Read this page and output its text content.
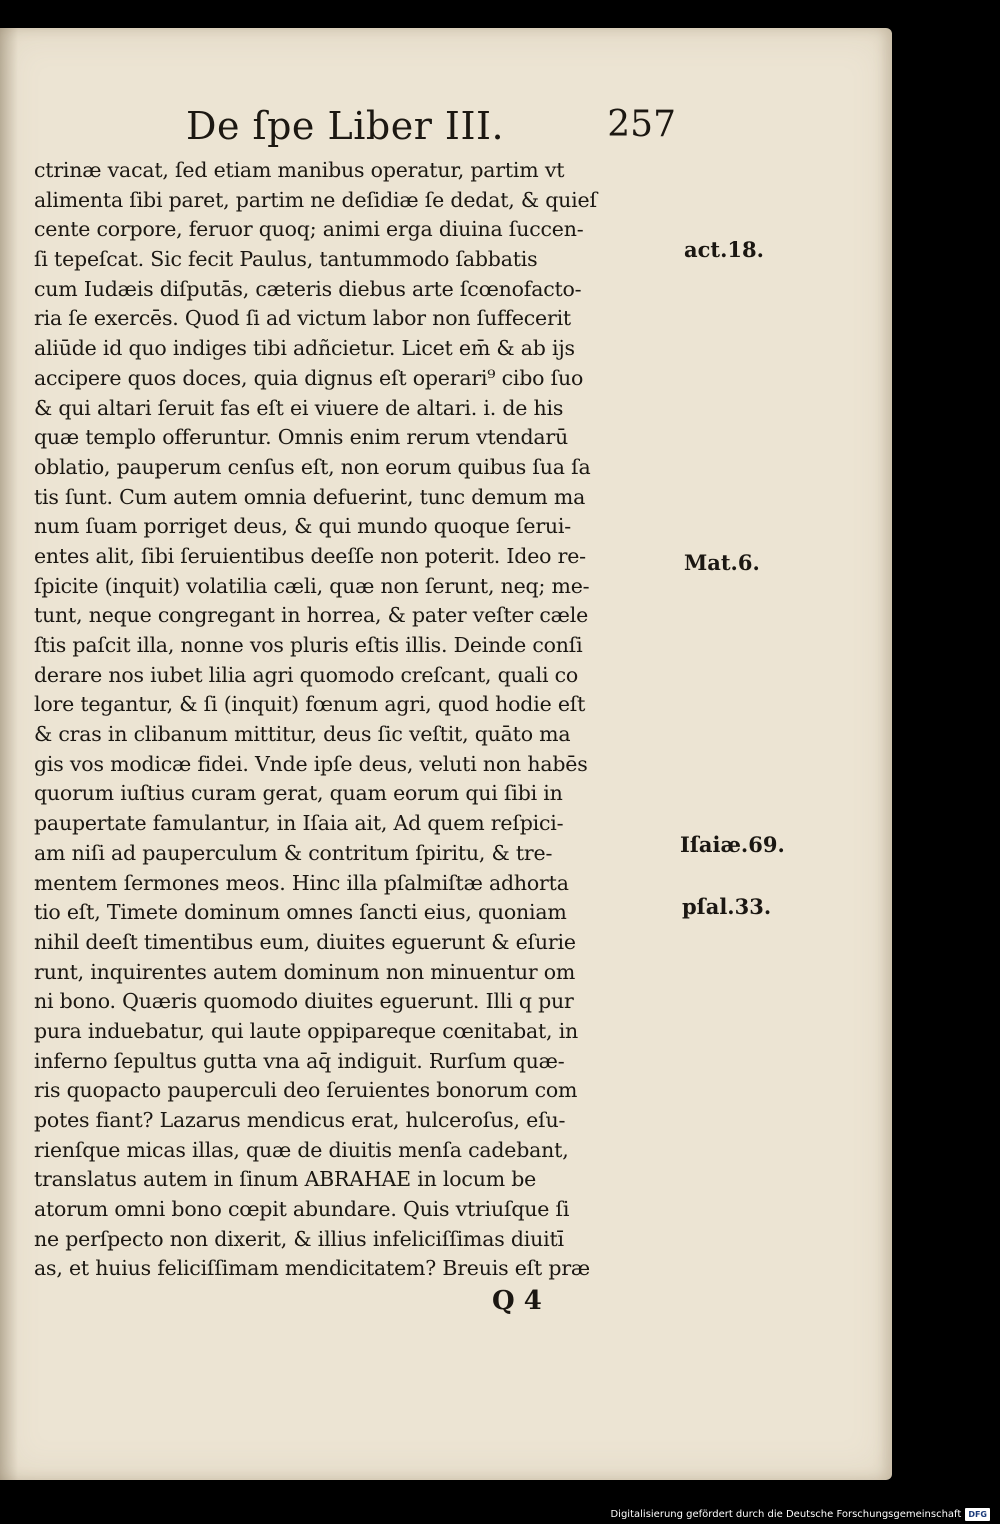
De ſpe Liber III.	257
ctrinæ vacat, ſed etiam manibus operatur, partim vt
alimenta ſibi paret, partim ne deſidiæ ſe dedat, & quieſ
cente corpore, feruor quoq; animi erga diuina ſuccen-
ſi tepeſcat. Sic fecit Paulus, tantummodo ſabbatis
cum Iudæis diſputās, cæteris diebus arte ſcœnofacto-
ria ſe exercēs. Quod ſi ad victum labor non ſuffecerit
aliūde id quo indiges tibi adñcietur. Licet em̄ & ab ijs
accipere quos doces, quia dignus eſt operari⁹ cibo ſuo
& qui altari ſeruit fas eſt ei viuere de altari. i. de his
quæ templo offeruntur. Omnis enim rerum vtendarū
oblatio, pauperum cenſus eſt, non eorum quibus ſua ſa
tis ſunt. Cum autem omnia defuerint, tunc demum ma
num ſuam porriget deus, & qui mundo quoque ſerui-
entes alit, ſibi ſeruientibus deeſſe non poterit. Ideo re-
ſpicite (inquit) volatilia cæli, quæ non ſerunt, neq; me-
tunt, neque congregant in horrea, & pater veſter cæle
ſtis paſcit illa, nonne vos pluris eſtis illis. Deinde conſi
derare nos iubet lilia agri quomodo creſcant, quali co
lore tegantur, & ſi (inquit) fœnum agri, quod hodie eſt
& cras in clibanum mittitur, deus ſic veſtit, quāto ma
gis vos modicæ fidei. Vnde ipſe deus, veluti non habēs
quorum iuſtius curam gerat, quam eorum qui ſibi in
paupertate famulantur, in Iſaia ait, Ad quem reſpici-
am niſi ad pauperculum & contritum ſpiritu, & tre-
mentem ſermones meos. Hinc illa pſalmiſtæ adhorta
tio eſt, Timete dominum omnes ſancti eius, quoniam
nihil deeſt timentibus eum, diuites eguerunt & eſurie
runt, inquirentes autem dominum non minuentur om
ni bono. Quæris quomodo diuites eguerunt. Illi q pur
pura induebatur, qui laute oppipareque cœnitabat, in
inferno ſepultus gutta vna aq̄ indiguit. Rurſum quæ-
ris quopacto pauperculi deo ſeruientes bonorum com
potes fiant? Lazarus mendicus erat, hulceroſus, eſu-
rienſque micas illas, quæ de diuitis menſa cadebant,
translatus autem in ſinum ABRAHAE in locum be
atorum omni bono cœpit abundare. Quis vtriuſque ſi
ne perſpecto non dixerit, & illius infeliciſſimas diuitī
as, et huius feliciſſimam mendicitatem? Breuis eſt præ
act.18.
Mat.6.
Iſaiæ.69.
pſal.33.
Q 4
Digitalisierung gefördert durch die Deutsche Forschungsgemeinschaft DFG
